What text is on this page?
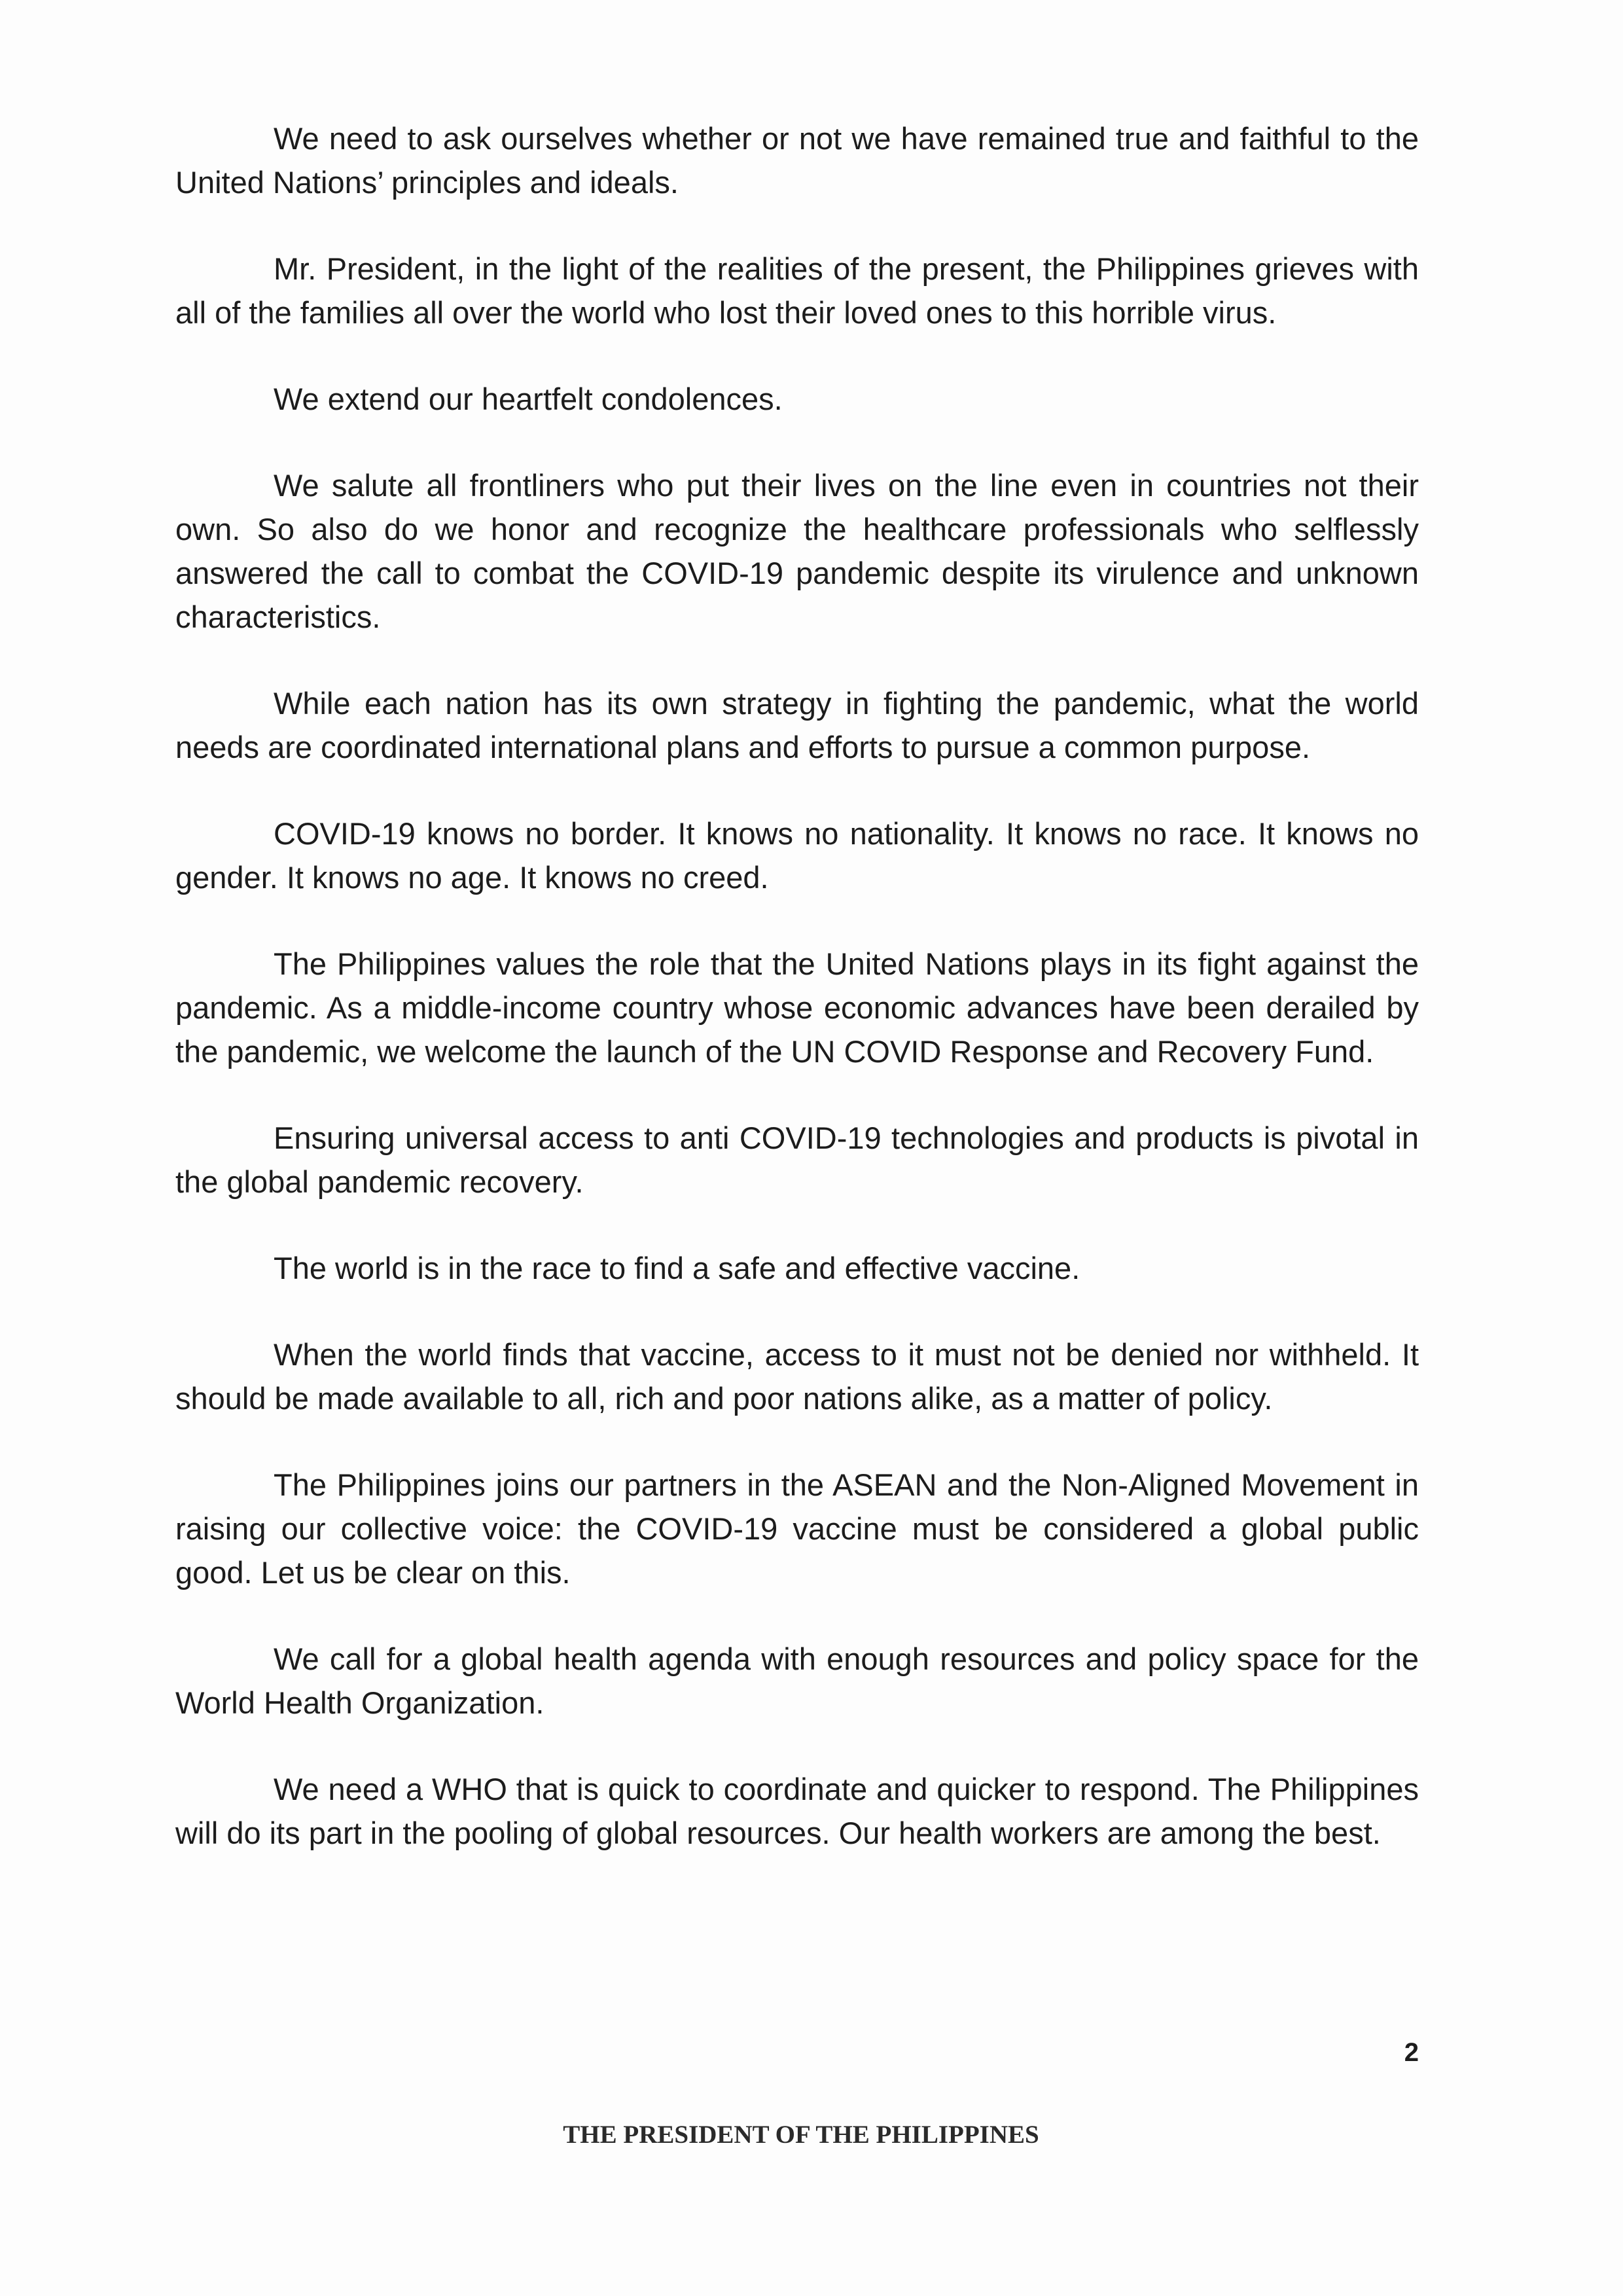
We need to ask ourselves whether or not we have remained true and faithful to the United Nations’ principles and ideals.

Mr. President, in the light of the realities of the present, the Philippines grieves with all of the families all over the world who lost their loved ones to this horrible virus.

We extend our heartfelt condolences.

We salute all frontliners who put their lives on the line even in countries not their own. So also do we honor and recognize the healthcare professionals who selflessly answered the call to combat the COVID-19 pandemic despite its virulence and unknown characteristics.

While each nation has its own strategy in fighting the pandemic, what the world needs are coordinated international plans and efforts to pursue a common purpose.

COVID-19 knows no border. It knows no nationality. It knows no race. It knows no gender. It knows no age. It knows no creed.

The Philippines values the role that the United Nations plays in its fight against the pandemic. As a middle-income country whose economic advances have been derailed by the pandemic, we welcome the launch of the UN COVID Response and Recovery Fund.

Ensuring universal access to anti COVID-19 technologies and products is pivotal in the global pandemic recovery.

The world is in the race to find a safe and effective vaccine.

When the world finds that vaccine, access to it must not be denied nor withheld. It should be made available to all, rich and poor nations alike, as a matter of policy.

The Philippines joins our partners in the ASEAN and the Non-Aligned Movement in raising our collective voice: the COVID-19 vaccine must be considered a global public good. Let us be clear on this.

We call for a global health agenda with enough resources and policy space for the World Health Organization.

We need a WHO that is quick to coordinate and quicker to respond. The Philippines will do its part in the pooling of global resources. Our health workers are among the best.

2
THE PRESIDENT OF THE PHILIPPINES
